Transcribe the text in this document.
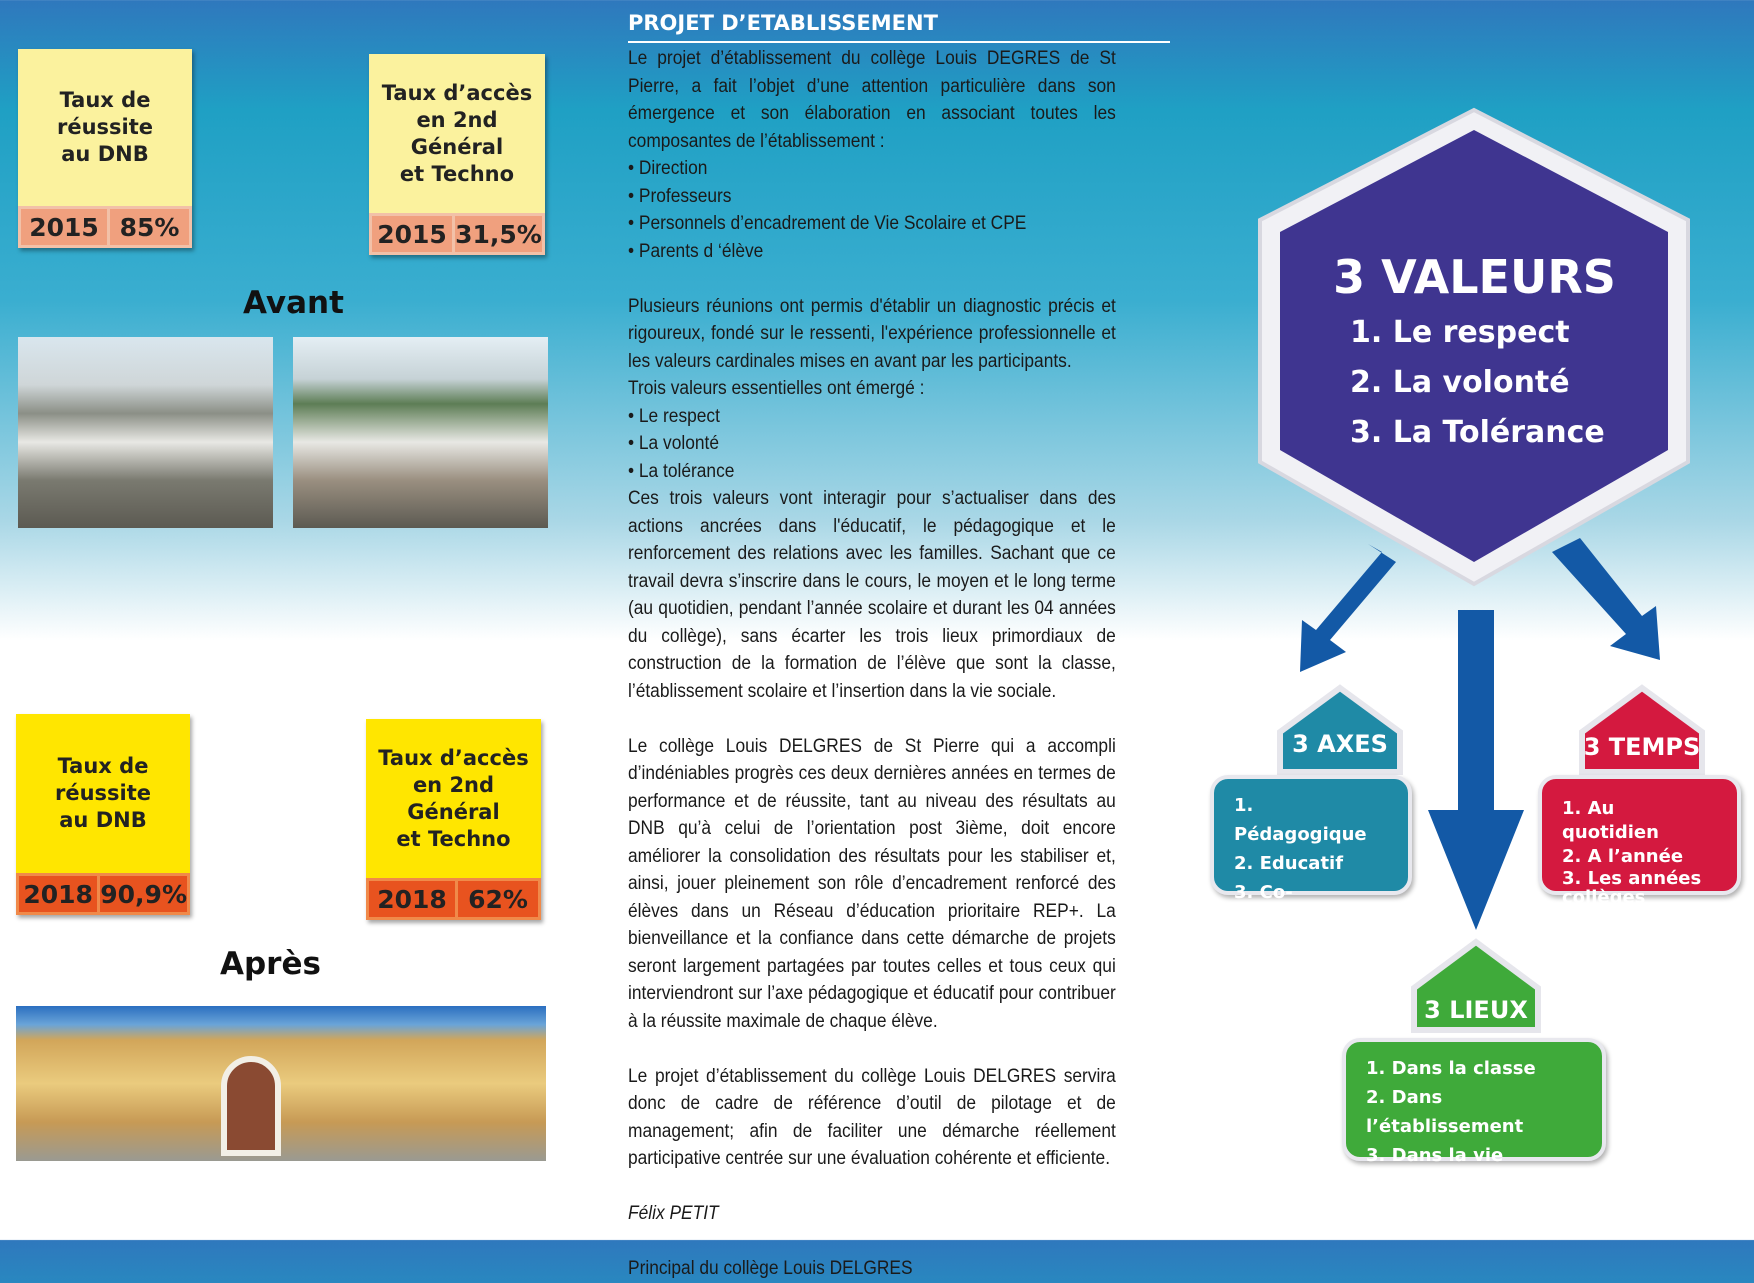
Taux de
réussite
au DNB
2015 85%
Taux d’accès
en 2nd
Général
et Techno
2015 31,5%
Avant
Taux de
réussite
au DNB
2018 90,9%
Taux d’accès
en 2nd
Général
et Techno
2018 62%
Après
PROJET D’ETABLISSEMENT
Le projet d’établissement du collège Louis DEGRES de St Pierre, a fait l’objet d’une attention particulière dans son émergence et son élaboration en associant toutes les composantes de l’établissement :
• Direction
• Professeurs
• Personnels d’encadrement de Vie Scolaire et CPE

• Parents d ‘élève

Plusieurs réunions ont permis d'établir un diagnostic précis et rigoureux, fondé sur le ressenti, l'expérience professionnelle et les valeurs cardinales mises en avant par les participants.
Trois valeurs essentielles ont émergé :
• Le respect
• La volonté
• La tolérance

Ces trois valeurs vont interagir pour s’actualiser dans des actions ancrées dans l'éducatif, le pédagogique et le renforcement des relations avec les familles. Sachant que ce travail devra s’inscrire dans le cours, le moyen et le long terme (au quotidien, pendant l’année scolaire et durant les 04 années du collège), sans écarter les trois lieux primordiaux de construction de la formation de l’élève que sont la classe, l’établissement scolaire et l’insertion dans la vie sociale.

Le collège Louis DELGRES de St Pierre qui a accompli d’indéniables progrès ces deux dernières années en termes de performance et de réussite, tant au niveau des résultats au DNB qu’à celui de l’orientation post 3ième, doit encore améliorer la consolidation des résultats pour les stabiliser et, ainsi, jouer pleinement son rôle d’encadrement renforcé des élèves dans un Réseau d’éducation prioritaire REP+. La bienveillance et la confiance dans cette démarche de projets seront largement partagées par toutes celles et tous ceux qui interviendront sur l’axe pédagogique et éducatif pour contribuer à la réussite maximale de chaque élève.

Le projet d’établissement du collège Louis DELGRES servira donc de cadre de référence d’outil de pilotage et de management; afin de faciliter une démarche réellement participative centrée sur une évaluation cohérente et efficiente.

Félix PETIT

Principal du collège Louis DELGRES
3 VALEURS
1. Le respect
2. La volonté
3. La Tolérance
3 AXES
1. Pédagogique
2. Educatif
3. Co-Education
3 TEMPS
1. Au quotidien
2. A l’année
3. Les années collèges
3 LIEUX
1. Dans la classe
2. Dans l’établissement
3. Dans la vie
